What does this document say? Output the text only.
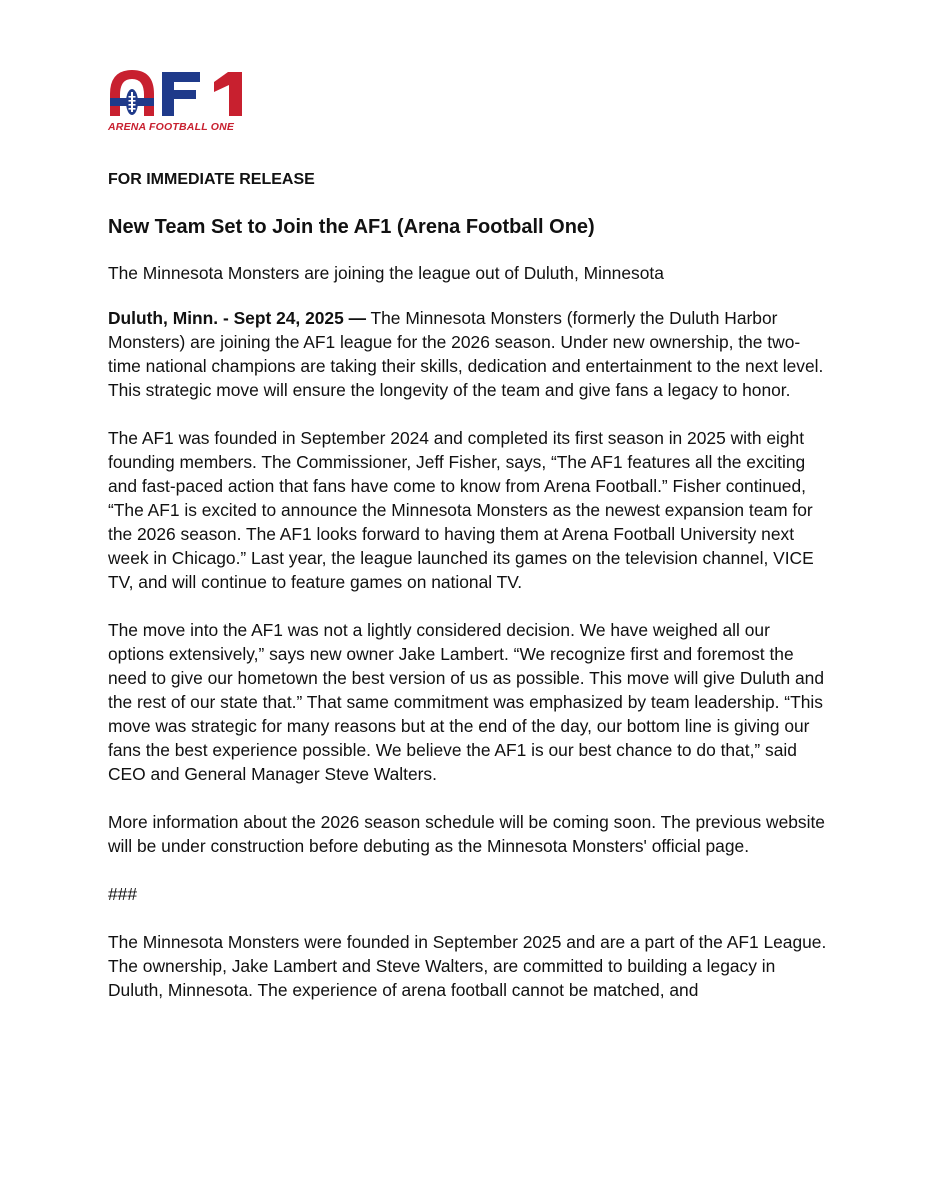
ARENA FOOTBALL ONE

FOR IMMEDIATE RELEASE

New Team Set to Join the AF1 (Arena Football One)

The Minnesota Monsters are joining the league out of Duluth, Minnesota

Duluth, Minn. - Sept 24, 2025 — The Minnesota Monsters (formerly the Duluth Harbor Monsters) are joining the AF1 league for the 2026 season. Under new ownership, the two-time national champions are taking their skills, dedication and entertainment to the next level. This strategic move will ensure the longevity of the team and give fans a legacy to honor.

The AF1 was founded in September 2024 and completed its first season in 2025 with eight founding members. The Commissioner, Jeff Fisher, says, “The AF1 features all the exciting and fast-paced action that fans have come to know from Arena Football.” Fisher continued, “The AF1 is excited to announce the Minnesota Monsters as the newest expansion team for the 2026 season. The AF1 looks forward to having them at Arena Football University next week in Chicago.” Last year, the league launched its games on the television channel, VICE TV, and will continue to feature games on national TV.

The move into the AF1 was not a lightly considered decision. We have weighed all our options extensively,” says new owner Jake Lambert. “We recognize first and foremost the need to give our hometown the best version of us as possible. This move will give Duluth and the rest of our state that.” That same commitment was emphasized by team leadership. “This move was strategic for many reasons but at the end of the day, our bottom line is giving our fans the best experience possible. We believe the AF1 is our best chance to do that,” said CEO and General Manager Steve Walters.

More information about the 2026 season schedule will be coming soon. The previous website will be under construction before debuting as the Minnesota Monsters' official page.

###

The Minnesota Monsters were founded in September 2025 and are a part of the AF1 League. The ownership, Jake Lambert and Steve Walters, are committed to building a legacy in Duluth, Minnesota. The experience of arena football cannot be matched, and
